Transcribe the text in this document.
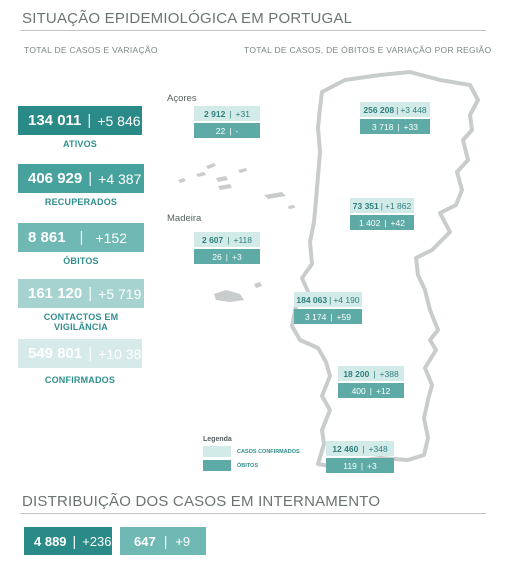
SITUAÇÃO EPIDEMIOLÓGICA EM PORTUGAL
TOTAL DE CASOS E VARIAÇÃO	TOTAL DE CASOS, DE ÓBITOS E VARIAÇÃO POR REGIÃO
134 011 | +5 846
ATIVOS
406 929 | +4 387
RECUPERADOS
8 861 | +152
ÓBITOS
161 120 | +5 719
CONTACTOS EM VIGILÂNCIA
549 801 | +10 385
CONFIRMADOS
Açores
Madeira
2 912 | +31
22 | -
2 607 | +118
26 | +3
256 208 | +3 448
3 718 | +33
73 351 | +1 862
1 402 | +42
184 063 | +4 190
3 174 | +59
18 200 | +388
400 | +12
12 460 | +348
119 | +3
Legenda
CASOS CONFIRMADOS
ÓBITOS
DISTRIBUIÇÃO DOS CASOS EM INTERNAMENTO
4 889 | +236	647 | +9
